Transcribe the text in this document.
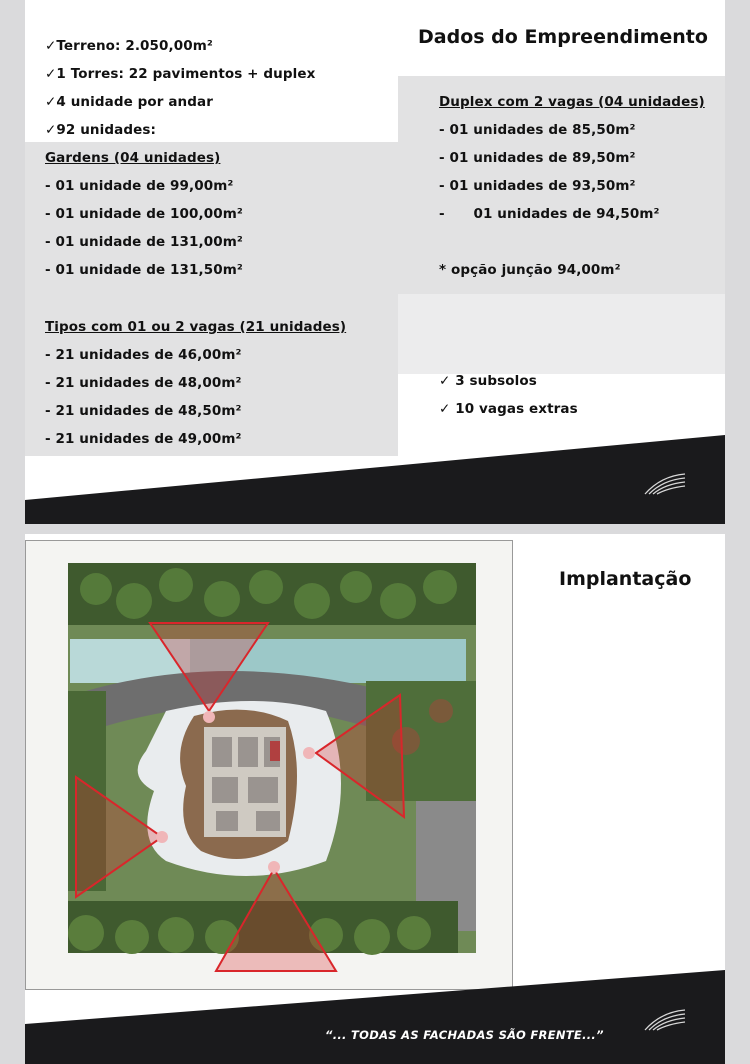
Dados do Empreendimento
✓Terreno: 2.050,00m²
✓1 Torres: 22 pavimentos + duplex
✓4 unidade por andar
✓92 unidades:
Gardens (04 unidades)
- 01 unidade de 99,00m²
- 01 unidade de 100,00m²
- 01 unidade de 131,00m²
- 01 unidade de 131,50m²
Duplex com 2 vagas (04 unidades)
- 01 unidades de 85,50m²
- 01 unidades de 89,50m²
- 01 unidades de 93,50m²
-      01 unidades de 94,50m²
* opção junção 94,00m²
Tipos com 01 ou 2 vagas (21 unidades)
- 21 unidades de 46,00m²
- 21 unidades de 48,00m²
- 21 unidades de 48,50m²
- 21 unidades de 49,00m²
✓ 3 subsolos
✓ 10 vagas extras
Implantação
“... TODAS AS FACHADAS SÃO FRENTE...”
